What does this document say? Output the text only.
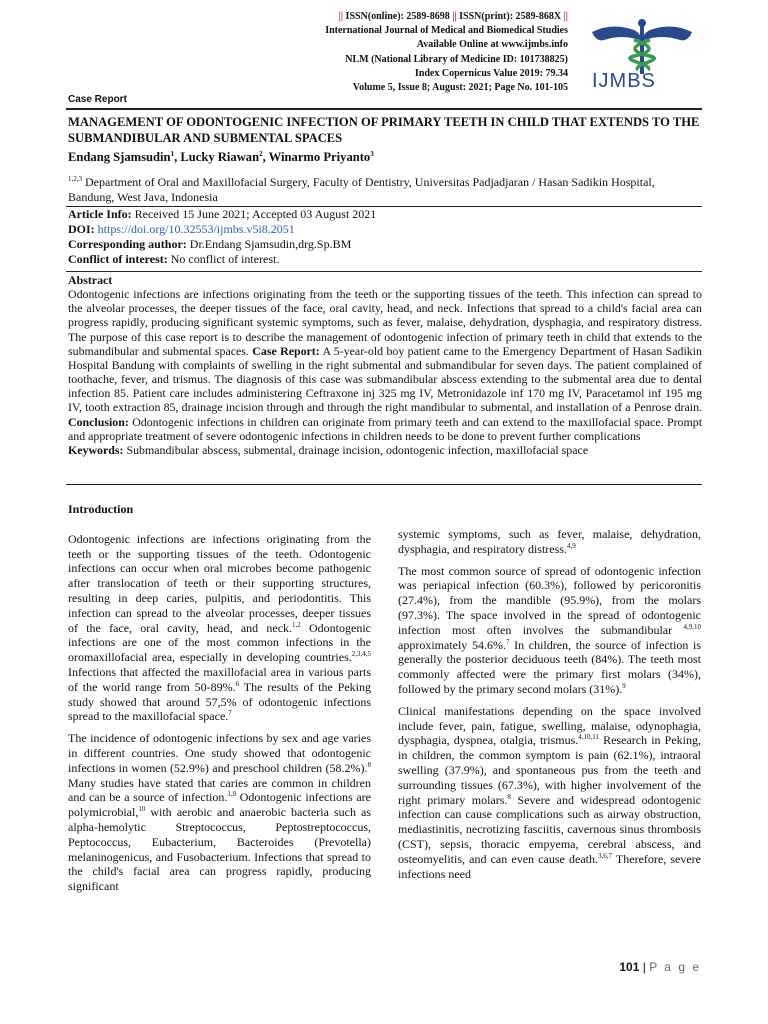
|| ISSN(online): 2589-8698 || ISSN(print): 2589-868X ||
International Journal of Medical and Biomedical Studies
Available Online at www.ijmbs.info
NLM (National Library of Medicine ID: 101738825)
Index Copernicus Value 2019: 79.34
Volume 5, Issue 8; August: 2021; Page No. 101-105
Case Report
IJMBS
MANAGEMENT OF ODONTOGENIC INFECTION OF PRIMARY TEETH IN CHILD THAT EXTENDS TO THE SUBMANDIBULAR AND SUBMENTAL SPACES
Endang Sjamsudin$^1$, Lucky Riawan$^2$, Winarmo Priyanto$^3$
$^{1,2,3}$ Department of Oral and Maxillofacial Surgery, Faculty of Dentistry, Universitas Padjadjaran / Hasan Sadikin Hospital, Bandung, West Java, Indonesia
Article Info: Received 15 June 2021; Accepted 03 August 2021
DOI: https://doi.org/10.32553/ijmbs.v5i8.2051
Corresponding author: Dr.Endang Sjamsudin,drg.Sp.BM
Conflict of interest: No conflict of interest.
Abstract
Odontogenic infections are infections originating from the teeth or the supporting tissues of the teeth. This infection can spread to the alveolar processes, the deeper tissues of the face, oral cavity, head, and neck. Infections that spread to a child's facial area can progress rapidly, producing significant systemic symptoms, such as fever, malaise, dehydration, dysphagia, and respiratory distress. The purpose of this case report is to describe the management of odontogenic infection of primary teeth in child that extends to the submandibular and submental spaces. Case Report: A 5-year-old boy patient came to the Emergency Department of Hasan Sadikin Hospital Bandung with complaints of swelling in the right submental and submandibular for seven days. The patient complained of toothache, fever, and trismus. The diagnosis of this case was submandibular abscess extending to the submental area due to dental infection 85. Patient care includes administering Ceftraxone inj 325 mg IV, Metronidazole inf 170 mg IV, Paracetamol inf 195 mg IV, tooth extraction 85, drainage incision through and through the right mandibular to submental, and installation of a Penrose drain. Conclusion: Odontogenic infections in children can originate from primary teeth and can extend to the maxillofacial space. Prompt and appropriate treatment of severe odontogenic infections in children needs to be done to prevent further complications
Keywords: Submandibular abscess, submental, drainage incision, odontogenic infection, maxillofacial space
Introduction

Odontogenic infections are infections originating from the teeth or the supporting tissues of the teeth. Odontogenic infections can occur when oral microbes become pathogenic after translocation of teeth or their supporting structures, resulting in deep caries, pulpitis, and periodontitis. This infection can spread to the alveolar processes, deeper tissues of the face, oral cavity, head, and neck.$^{1,2}$ Odontogenic infections are one of the most common infections in the oromaxillofacial area, especially in developing countries.$^{2,3,4,5}$ Infections that affected the maxillofacial area in various parts of the world range from 50-89%.$^6$ The results of the Peking study showed that around 57,5% of odontogenic infections spread to the maxillofacial space.$^7$

The incidence of odontogenic infections by sex and age varies in different countries. One study showed that odontogenic infections in women (52.9%) and preschool children (58.2%).$^8$ Many studies have stated that caries are common in children and can be a source of infection.$^{1,9}$ Odontogenic infections are polymicrobial,$^{10}$ with aerobic and anaerobic bacteria such as alpha-hemolytic Streptococcus, Peptostreptococcus, Peptococcus, Eubacterium, Bacteroides (Prevotella) melaninogenicus, and Fusobacterium. Infections that spread to the child's facial area can progress rapidly, producing significant

systemic symptoms, such as fever, malaise, dehydration, dysphagia, and respiratory distress.$^{4,9}$

The most common source of spread of odontogenic infection was periapical infection (60.3%), followed by pericoronitis (27.4%), from the mandible (95.9%), from the molars (97.3%). The space involved in the spread of odontogenic infection most often involves the submandibular $^{4,9,10}$ approximately 54.6%.$^7$ In children, the source of infection is generally the posterior deciduous teeth (84%). The teeth most commonly affected were the primary first molars (34%), followed by the primary second molars (31%).$^9$

Clinical manifestations depending on the space involved include fever, pain, fatigue, swelling, malaise, odynophagia, dysphagia, dyspnea, otalgia, trismus.$^{4,10,11}$ Research in Peking, in children, the common symptom is pain (62.1%), intraoral swelling (37.9%), and spontaneous pus from the teeth and surrounding tissues (67.3%), with higher involvement of the right primary molars.$^8$ Severe and widespread odontogenic infection can cause complications such as airway obstruction, mediastinitis, necrotizing fasciitis, cavernous sinus thrombosis (CST), sepsis, thoracic empyema, cerebral abscess, and osteomyelitis, and can even cause death.$^{3,6,7}$ Therefore, severe infections need

101 | P a g e
